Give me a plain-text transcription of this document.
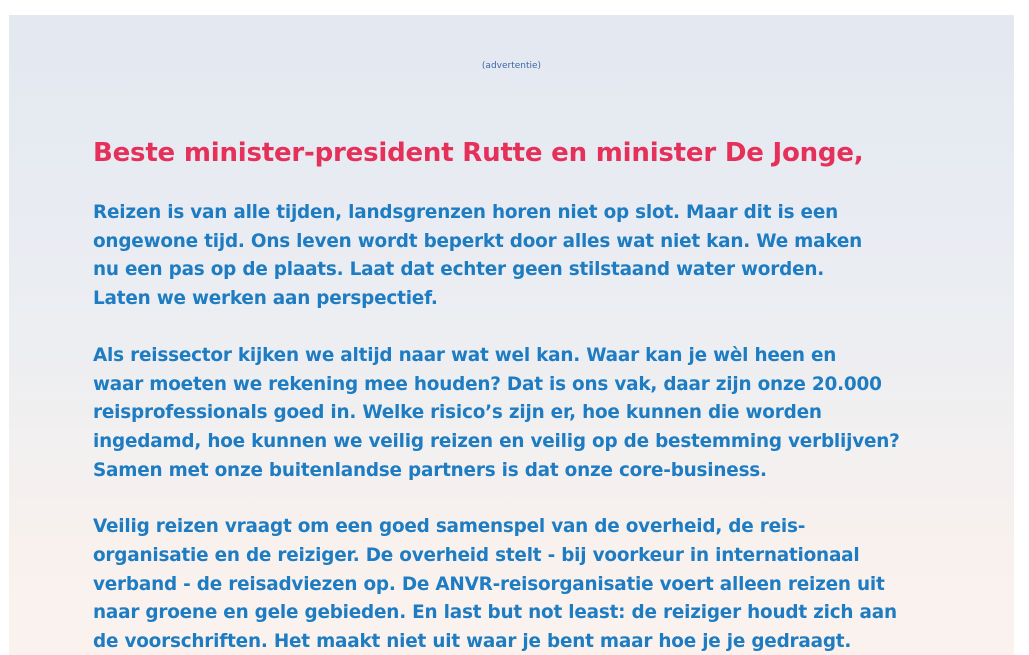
(advertentie)
Beste minister-president Rutte en minister De Jonge,

Reizen is van alle tijden, landsgrenzen horen niet op slot. Maar dit is een
ongewone tijd. Ons leven wordt beperkt door alles wat niet kan. We maken
nu een pas op de plaats. Laat dat echter geen stilstaand water worden.
Laten we werken aan perspectief.

Als reissector kijken we altijd naar wat wel kan. Waar kan je wèl heen en
waar moeten we rekening mee houden? Dat is ons vak, daar zijn onze 20.000
reisprofessionals goed in. Welke risico’s zijn er, hoe kunnen die worden
ingedamd, hoe kunnen we veilig reizen en veilig op de bestemming verblijven?
Samen met onze buitenlandse partners is dat onze core-business.

Veilig reizen vraagt om een goed samenspel van de overheid, de reis-
organisatie en de reiziger. De overheid stelt - bij voorkeur in internationaal
verband - de reisadviezen op. De ANVR-reisorganisatie voert alleen reizen uit
naar groene en gele gebieden. En last but not least: de reiziger houdt zich aan
de voorschriften. Het maakt niet uit waar je bent maar hoe je je gedraagt.
